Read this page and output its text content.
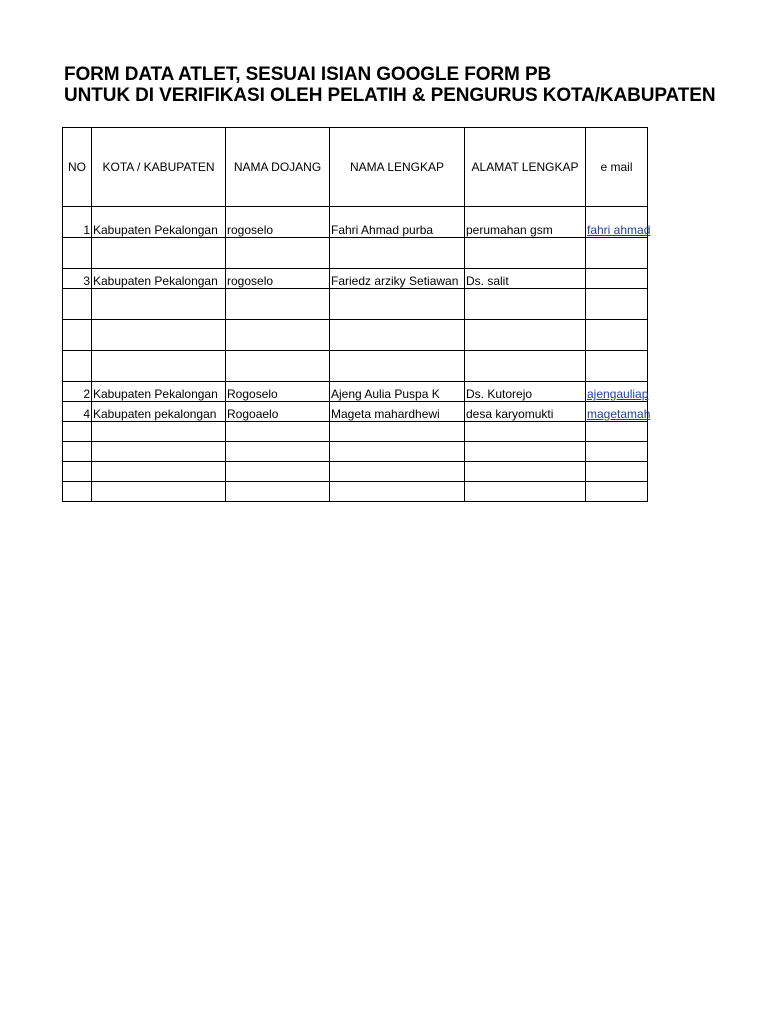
FORM DATA ATLET, SESUAI ISIAN GOOGLE FORM PB
UNTUK DI VERIFIKASI OLEH PELATIH & PENGURUS KOTA/KABUPATEN
NO	KOTA / KABUPATEN	NAMA DOJANG	NAMA LENGKAP	ALAMAT LENGKAP	e mail
1	Kabupaten Pekalongan	rogoselo	Fahri Ahmad purba	perumahan gsm	fahri ahmad

3	Kabupaten Pekalongan	rogoselo	Fariedz arziky Setiawan	Ds. salit	

2	Kabupaten Pekalongan	Rogoselo	Ajeng Aulia Puspa K	Ds. Kutorejo	ajengauliap
4	Kabupaten pekalongan	Rogoaelo	Mageta mahardhewi	desa karyomukti	magetamah
